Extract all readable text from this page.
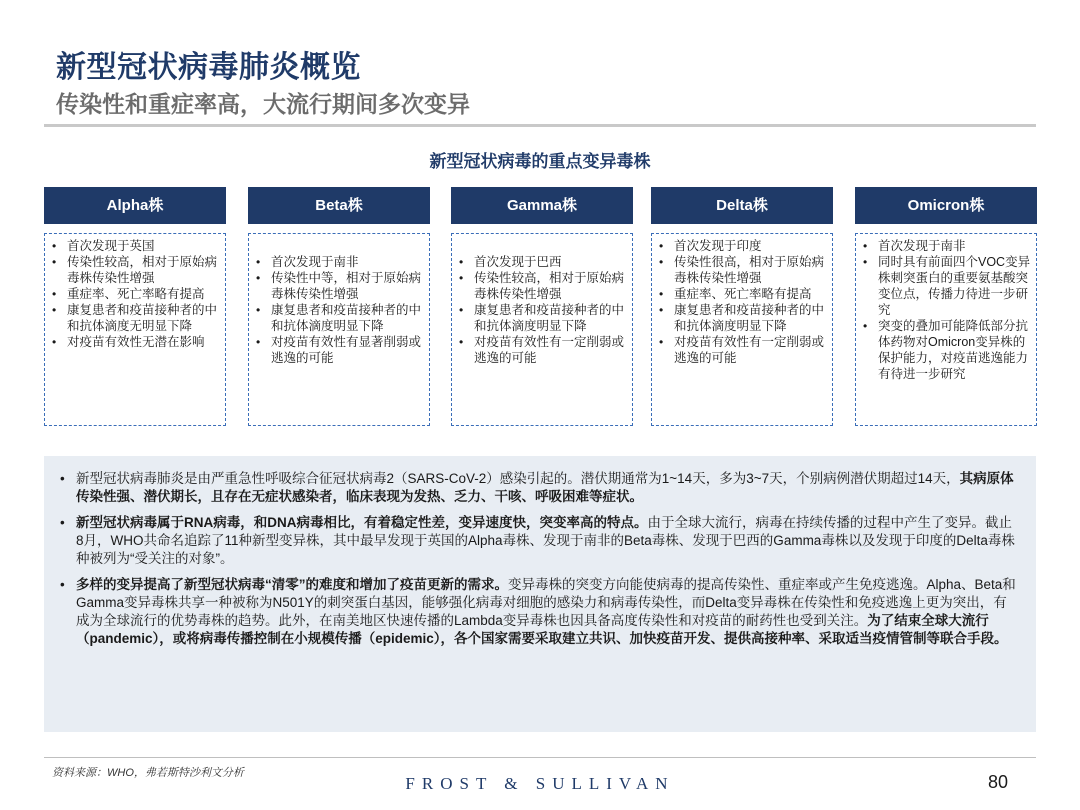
新型冠状病毒肺炎概览
传染性和重症率高，大流行期间多次变异
新型冠状病毒的重点变异毒株
Alpha株
• 首次发现于英国
• 传染性较高，相对于原始病毒株传染性增强
• 重症率、死亡率略有提高
• 康复患者和疫苗接种者的中和抗体滴度无明显下降
• 对疫苗有效性无潜在影响
Beta株
• 首次发现于南非
• 传染性中等，相对于原始病毒株传染性增强
• 康复患者和疫苗接种者的中和抗体滴度明显下降
• 对疫苗有效性有显著削弱或逃逸的可能
Gamma株
• 首次发现于巴西
• 传染性较高，相对于原始病毒株传染性增强
• 康复患者和疫苗接种者的中和抗体滴度明显下降
• 对疫苗有效性有一定削弱或逃逸的可能
Delta株
• 首次发现于印度
• 传染性很高，相对于原始病毒株传染性增强
• 重症率、死亡率略有提高
• 康复患者和疫苗接种者的中和抗体滴度明显下降
• 对疫苗有效性有一定削弱或逃逸的可能
Omicron株
• 首次发现于南非
• 同时具有前面四个VOC变异株刺突蛋白的重要氨基酸突变位点，传播力待进一步研究
• 突变的叠加可能降低部分抗体药物对Omicron变异株的保护能力，对疫苗逃逸能力有待进一步研究

• 新型冠状病毒肺炎是由严重急性呼吸综合征冠状病毒2（SARS-CoV-2）感染引起的。潜伏期通常为1~14天，多为3~7天，个别病例潜伏期超过14天，其病原体传染性强、潜伏期长，且存在无症状感染者，临床表现为发热、乏力、干咳、呼吸困难等症状。

• 新型冠状病毒属于RNA病毒，和DNA病毒相比，有着稳定性差，变异速度快，突变率高的特点。由于全球大流行，病毒在持续传播的过程中产生了变异。截止8月，WHO共命名追踪了11种新型变异株，其中最早发现于英国的Alpha毒株、发现于南非的Beta毒株、发现于巴西的Gamma毒株以及发现于印度的Delta毒株种被列为“受关注的对象”。

• 多样的变异提高了新型冠状病毒“清零”的难度和增加了疫苗更新的需求。变异毒株的突变方向能使病毒的提高传染性、重症率或产生免疫逃逸。Alpha、Beta和Gamma变异毒株共享一种被称为N501Y的刺突蛋白基因，能够强化病毒对细胞的感染力和病毒传染性，而Delta变异毒株在传染性和免疫逃逸上更为突出，有成为全球流行的优势毒株的趋势。此外，在南美地区快速传播的Lambda变异毒株也因具备高度传染性和对疫苗的耐药性也受到关注。为了结束全球大流行（pandemic），或将病毒传播控制在小规模传播（epidemic），各个国家需要采取建立共识、加快疫苗开发、提供高接种率、采取适当疫情管制等联合手段。

资料来源：WHO，弗若斯特沙利文分析
FROST & SULLIVAN	80
